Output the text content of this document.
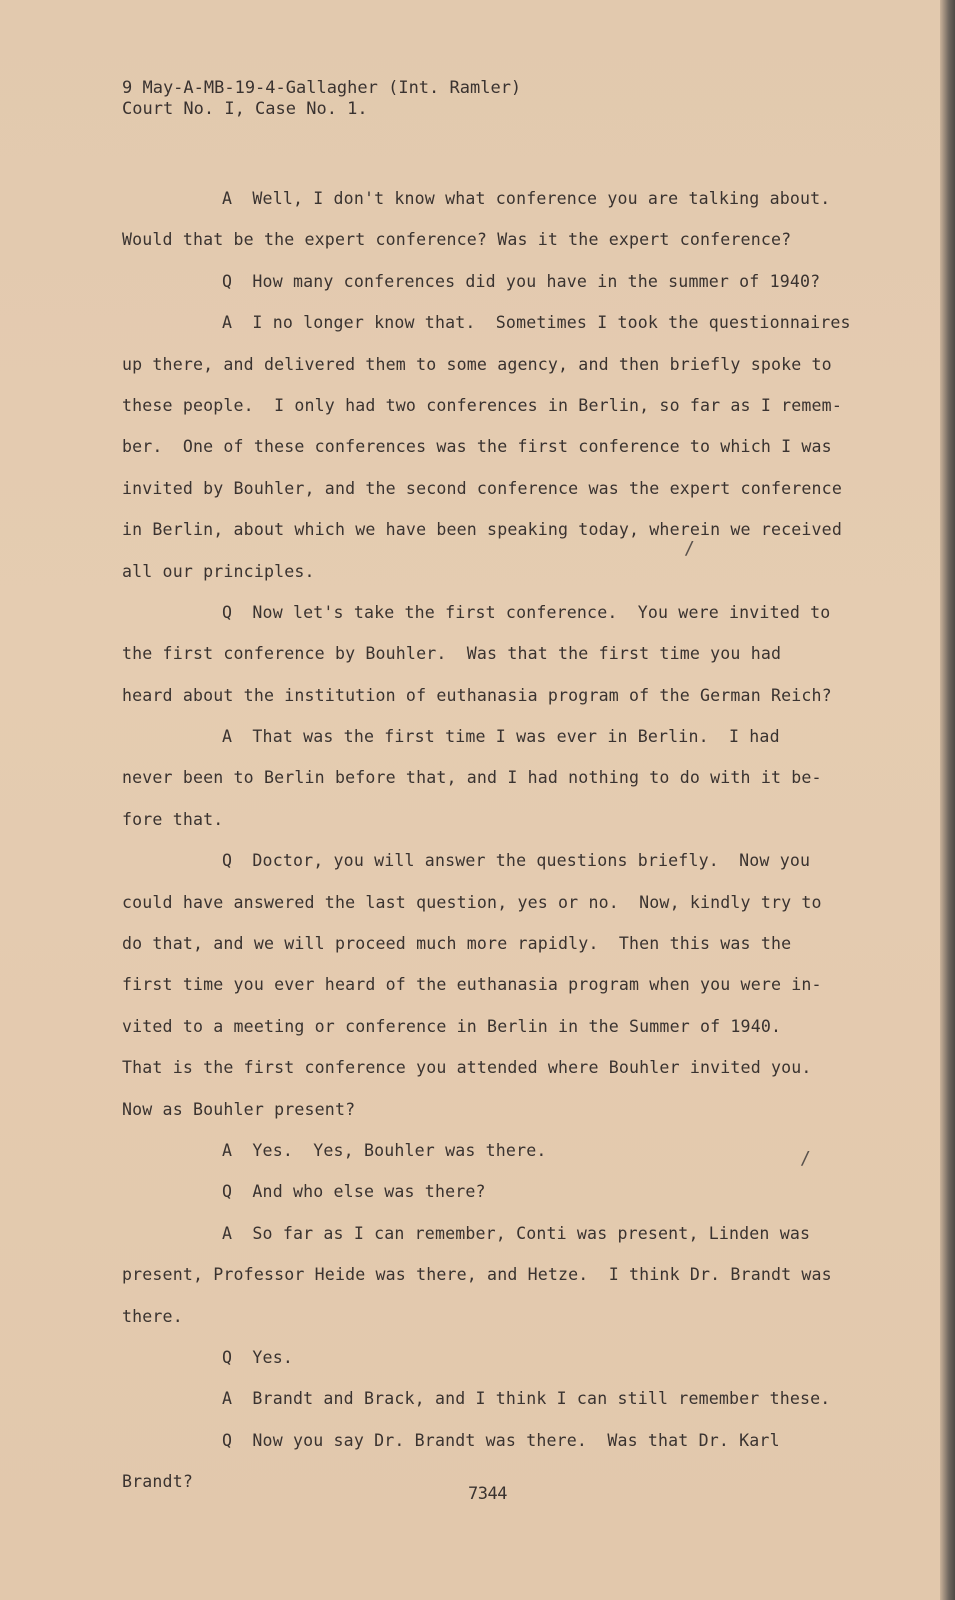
9 May-A-MB-19-4-Gallagher (Int. Ramler)
Court No. I, Case No. 1.
A  Well, I don't know what conference you are talking about.
Would that be the expert conference? Was it the expert conference?
Q  How many conferences did you have in the summer of 1940?
A  I no longer know that.  Sometimes I took the questionnaires
up there, and delivered them to some agency, and then briefly spoke to
these people.  I only had two conferences in Berlin, so far as I remem-
ber.  One of these conferences was the first conference to which I was
invited by Bouhler, and the second conference was the expert conference
in Berlin, about which we have been speaking today, wherein we received
all our principles.
Q  Now let's take the first conference.  You were invited to
the first conference by Bouhler.  Was that the first time you had
heard about the institution of euthanasia program of the German Reich?
A  That was the first time I was ever in Berlin.  I had
never been to Berlin before that, and I had nothing to do with it be-
fore that.
Q  Doctor, you will answer the questions briefly.  Now you
could have answered the last question, yes or no.  Now, kindly try to
do that, and we will proceed much more rapidly.  Then this was the
first time you ever heard of the euthanasia program when you were in-
vited to a meeting or conference in Berlin in the Summer of 1940.
That is the first conference you attended where Bouhler invited you.
Now as Bouhler present?
A  Yes.  Yes, Bouhler was there.
Q  And who else was there?
A  So far as I can remember, Conti was present, Linden was
present, Professor Heide was there, and Hetze.  I think Dr. Brandt was
there.
Q  Yes.
A  Brandt and Brack, and I think I can still remember these.
Q  Now you say Dr. Brandt was there.  Was that Dr. Karl
Brandt?
7344
/
/
